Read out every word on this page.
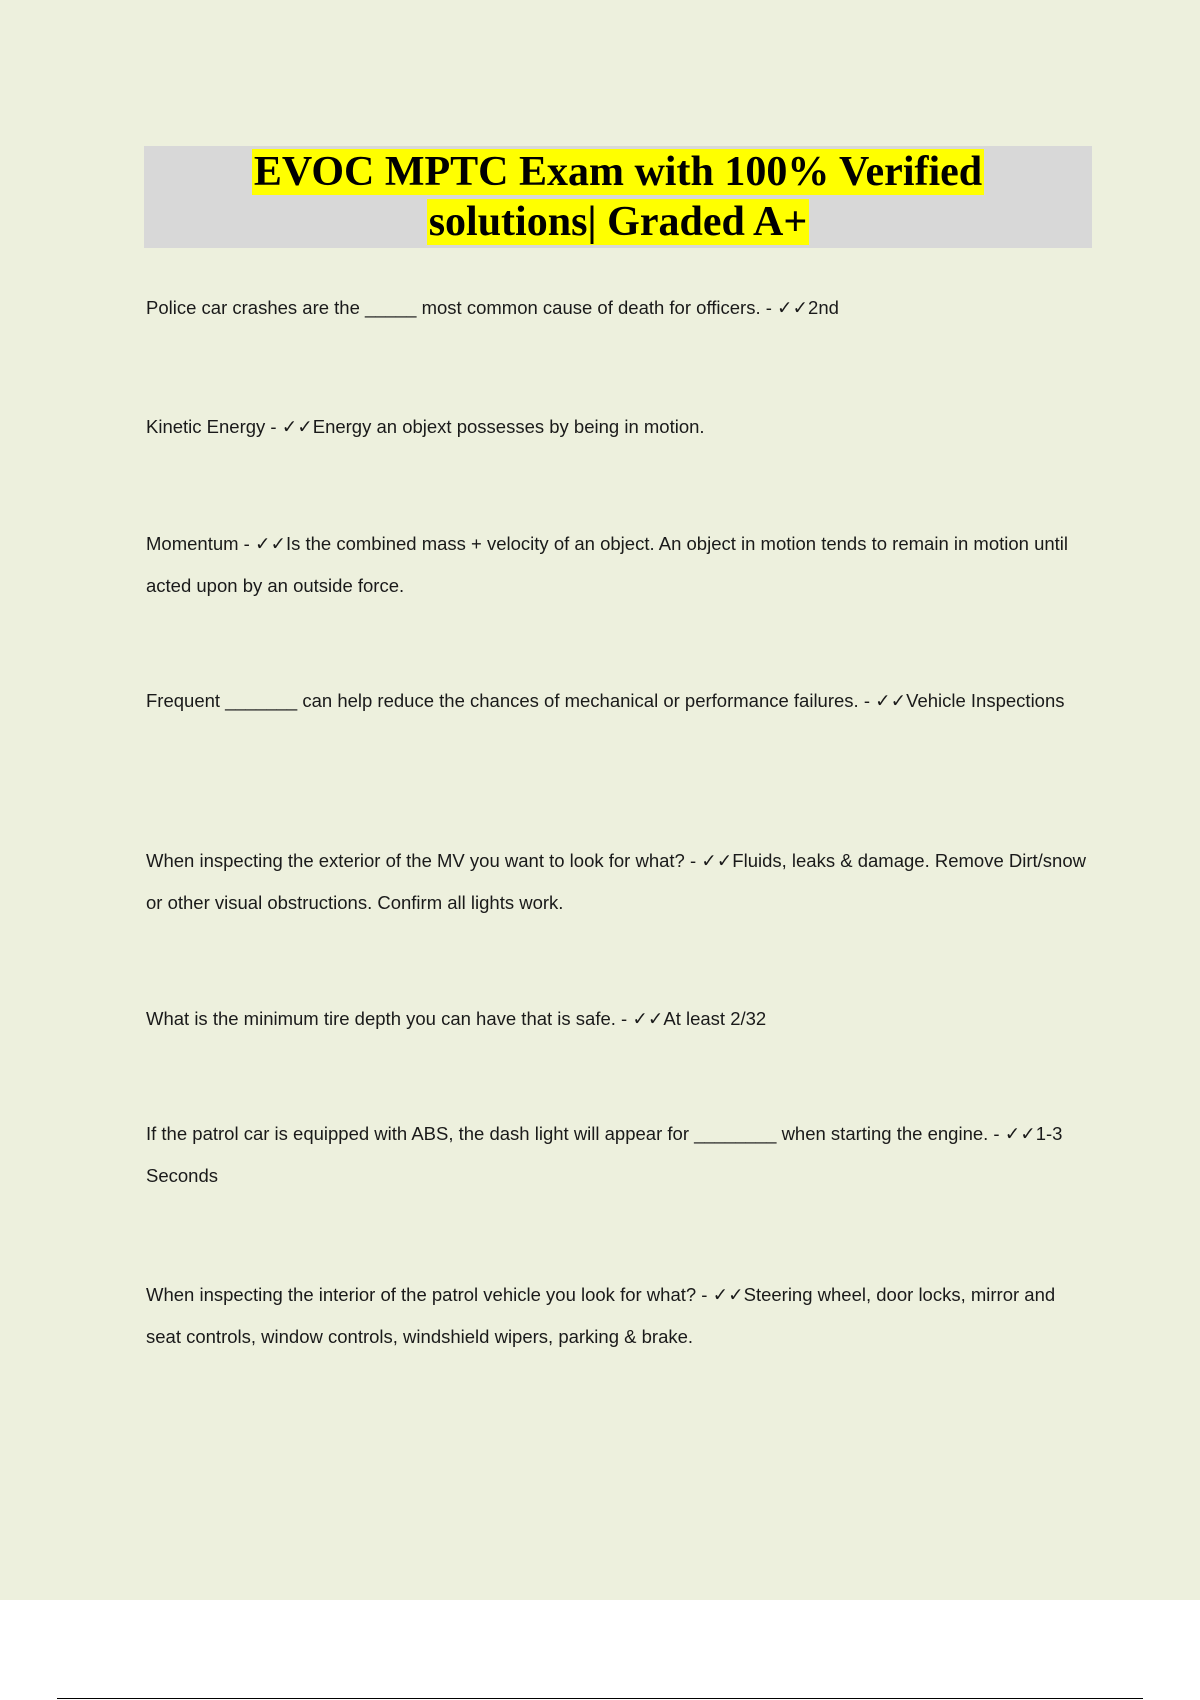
EVOC MPTC Exam with 100% Verified
solutions| Graded A+

Police car crashes are the _____ most common cause of death for officers. - ✓✓2nd

Kinetic Energy - ✓✓Energy an objext possesses by being in motion.

Momentum - ✓✓Is the combined mass + velocity of an object. An object in motion tends to remain in motion until acted upon by an outside force.

Frequent _______ can help reduce the chances of mechanical or performance failures. - ✓✓Vehicle Inspections

When inspecting the exterior of the MV you want to look for what? - ✓✓Fluids, leaks & damage. Remove Dirt/snow or other visual obstructions. Confirm all lights work.

What is the minimum tire depth you can have that is safe. - ✓✓At least 2/32

If the patrol car is equipped with ABS, the dash light will appear for ________ when starting the engine. - ✓✓1-3 Seconds

When inspecting the interior of the patrol vehicle you look for what? - ✓✓Steering wheel, door locks, mirror and seat controls, window controls, windshield wipers, parking & brake.
